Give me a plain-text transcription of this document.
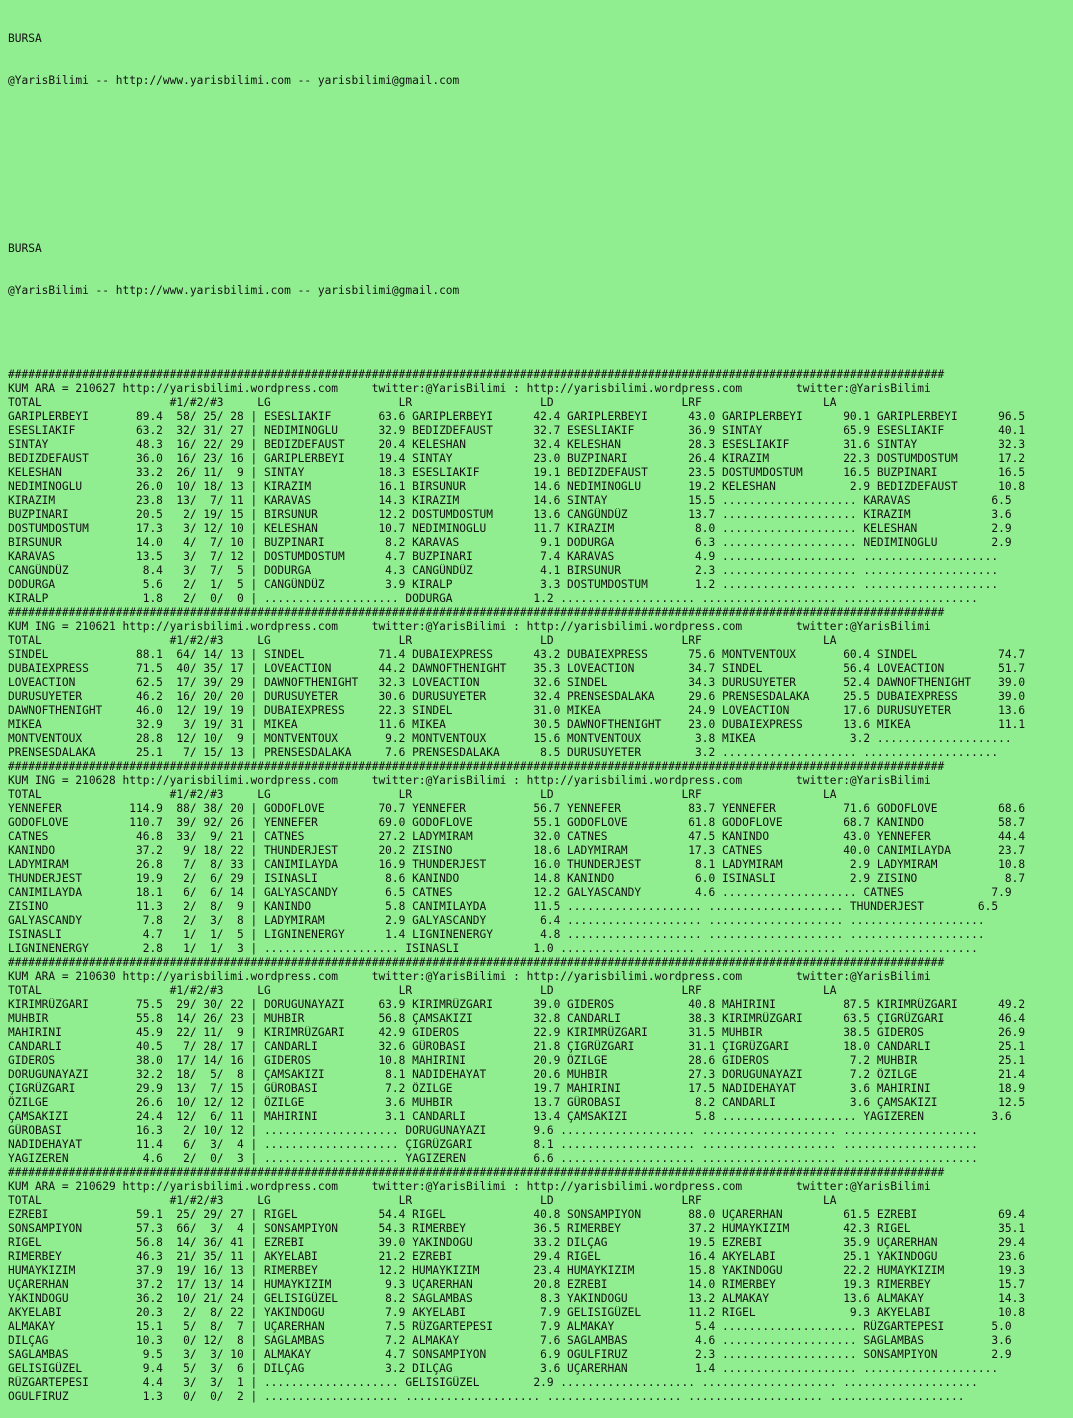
BURSA

@YarisBilimi -- http://www.yarisbilimi.com -- yarisbilimi@gmail.com

BURSA

@YarisBilimi -- http://www.yarisbilimi.com -- yarisbilimi@gmail.com

###########################################################################################################################################
KUM ARA = 210627 http://yarisbilimi.wordpress.com     twitter:@YarisBilimi : http://yarisbilimi.wordpress.com        twitter:@YarisBilimi
TOTAL                   #1/#2/#3     LG                   LR                   LD                   LRF                  LA
GARIPLERBEYI       89.4  58/ 25/ 28 | ESESLIAKIF       63.6 GARIPLERBEYI      42.4 GARIPLERBEYI      43.0 GARIPLERBEYI      90.1 GARIPLERBEYI      96.5
ESESLIAKIF         63.2  32/ 31/ 27 | NEDIMINOGLU      32.9 BEDIZDEFAUST      32.7 ESESLIAKIF        36.9 SINTAY            65.9 ESESLIAKIF        40.1
SINTAY             48.3  16/ 22/ 29 | BEDIZDEFAUST     20.4 KELESHAN          32.4 KELESHAN          28.3 ESESLIAKIF        31.6 SINTAY            32.3
BEDIZDEFAUST       36.0  16/ 23/ 16 | GARIPLERBEYI     19.4 SINTAY            23.0 BUZPINARI         26.4 KIRAZIM           22.3 DOSTUMDOSTUM      17.2
KELESHAN           33.2  26/ 11/  9 | SINTAY           18.3 ESESLIAKIF        19.1 BEDIZDEFAUST      23.5 DOSTUMDOSTUM      16.5 BUZPINARI         16.5
NEDIMINOGLU        26.0  10/ 18/ 13 | KIRAZIM          16.1 BIRSUNUR          14.6 NEDIMINOGLU       19.2 KELESHAN           2.9 BEDIZDEFAUST      10.8
KIRAZIM            23.8  13/  7/ 11 | KARAVAS          14.3 KIRAZIM           14.6 SINTAY            15.5 .................... KARAVAS            6.5
BUZPINARI          20.5   2/ 19/ 15 | BIRSUNUR         12.2 DOSTUMDOSTUM      13.6 CANGÜNDÜZ         13.7 .................... KIRAZIM            3.6
DOSTUMDOSTUM       17.3   3/ 12/ 10 | KELESHAN         10.7 NEDIMINOGLU       11.7 KIRAZIM            8.0 .................... KELESHAN           2.9
BIRSUNUR           14.0   4/  7/ 10 | BUZPINARI         8.2 KARAVAS            9.1 DODURGA            6.3 .................... NEDIMINOGLU        2.9
KARAVAS            13.5   3/  7/ 12 | DOSTUMDOSTUM      4.7 BUZPINARI          7.4 KARAVAS            4.9 .................... ....................
CANGÜNDÜZ           8.4   3/  7/  5 | DODURGA           4.3 CANGÜNDÜZ          4.1 BIRSUNUR           2.3 .................... ....................
DODURGA             5.6   2/  1/  5 | CANGÜNDÜZ         3.9 KIRALP             3.3 DOSTUMDOSTUM       1.2 .................... ....................
KIRALP              1.8   2/  0/  0 | .................... DODURGA            1.2 .................... .................... ....................
###########################################################################################################################################
KUM ING = 210621 http://yarisbilimi.wordpress.com     twitter:@YarisBilimi : http://yarisbilimi.wordpress.com        twitter:@YarisBilimi
TOTAL                   #1/#2/#3     LG                   LR                   LD                   LRF                  LA
SINDEL             88.1  64/ 14/ 13 | SINDEL           71.4 DUBAIEXPRESS      43.2 DUBAIEXPRESS      75.6 MONTVENTOUX       60.4 SINDEL            74.7
DUBAIEXPRESS       71.5  40/ 35/ 17 | LOVEACTION       44.2 DAWNOFTHENIGHT    35.3 LOVEACTION        34.7 SINDEL            56.4 LOVEACTION        51.7
LOVEACTION         62.5  17/ 39/ 29 | DAWNOFTHENIGHT   32.3 LOVEACTION        32.6 SINDEL            34.3 DURUSUYETER       52.4 DAWNOFTHENIGHT    39.0
DURUSUYETER        46.2  16/ 20/ 20 | DURUSUYETER      30.6 DURUSUYETER       32.4 PRENSESDALAKA     29.6 PRENSESDALAKA     25.5 DUBAIEXPRESS      39.0
DAWNOFTHENIGHT     46.0  12/ 19/ 19 | DUBAIEXPRESS     22.3 SINDEL            31.0 MIKEA             24.9 LOVEACTION        17.6 DURUSUYETER       13.6
MIKEA              32.9   3/ 19/ 31 | MIKEA            11.6 MIKEA             30.5 DAWNOFTHENIGHT    23.0 DUBAIEXPRESS      13.6 MIKEA             11.1
MONTVENTOUX        28.8  12/ 10/  9 | MONTVENTOUX       9.2 MONTVENTOUX       15.6 MONTVENTOUX        3.8 MIKEA              3.2 ....................
PRENSESDALAKA      25.1   7/ 15/ 13 | PRENSESDALAKA     7.6 PRENSESDALAKA      8.5 DURUSUYETER        3.2 .................... ....................
###########################################################################################################################################
KUM ING = 210628 http://yarisbilimi.wordpress.com     twitter:@YarisBilimi : http://yarisbilimi.wordpress.com        twitter:@YarisBilimi
TOTAL                   #1/#2/#3     LG                   LR                   LD                   LRF                  LA
YENNEFER          114.9  88/ 38/ 20 | GODOFLOVE        70.7 YENNEFER          56.7 YENNEFER          83.7 YENNEFER          71.6 GODOFLOVE         68.6
GODOFLOVE         110.7  39/ 92/ 26 | YENNEFER         69.0 GODOFLOVE         55.1 GODOFLOVE         61.8 GODOFLOVE         68.7 KANINDO           58.7
CATNES             46.8  33/  9/ 21 | CATNES           27.2 LADYMIRAM         32.0 CATNES            47.5 KANINDO           43.0 YENNEFER          44.4
KANINDO            37.2   9/ 18/ 22 | THUNDERJEST      20.2 ZISINO            18.6 LADYMIRAM         17.3 CATNES            40.0 CANIMILAYDA       23.7
LADYMIRAM          26.8   7/  8/ 33 | CANIMILAYDA      16.9 THUNDERJEST       16.0 THUNDERJEST        8.1 LADYMIRAM          2.9 LADYMIRAM         10.8
THUNDERJEST        19.9   2/  6/ 29 | ISINASLI          8.6 KANINDO           14.8 KANINDO            6.0 ISINASLI           2.9 ZISINO             8.7
CANIMILAYDA        18.1   6/  6/ 14 | GALYASCANDY       6.5 CATNES            12.2 GALYASCANDY        4.6 .................... CATNES             7.9
ZISINO             11.3   2/  8/  9 | KANINDO           5.8 CANIMILAYDA       11.5 .................... .................... THUNDERJEST        6.5
GALYASCANDY         7.8   2/  3/  8 | LADYMIRAM         2.9 GALYASCANDY        6.4 .................... .................... ....................
ISINASLI            4.7   1/  1/  5 | LIGNINENERGY      1.4 LIGNINENERGY       4.8 .................... .................... ....................
LIGNINENERGY        2.8   1/  1/  3 | .................... ISINASLI           1.0 .................... .................... ....................
###########################################################################################################################################
KUM ARA = 210630 http://yarisbilimi.wordpress.com     twitter:@YarisBilimi : http://yarisbilimi.wordpress.com        twitter:@YarisBilimi
TOTAL                   #1/#2/#3     LG                   LR                   LD                   LRF                  LA
KIRIMRÜZGARI       75.5  29/ 30/ 22 | DORUGUNAYAZI     63.9 KIRIMRÜZGARI      39.0 GIDEROS           40.8 MAHIRINI          87.5 KIRIMRÜZGARI      49.2
MUHBIR             55.8  14/ 26/ 23 | MUHBIR           56.8 ÇAMSAKIZI         32.8 CANDARLI          38.3 KIRIMRÜZGARI      63.5 ÇIGRÜZGARI        46.4
MAHIRINI           45.9  22/ 11/  9 | KIRIMRÜZGARI     42.9 GIDEROS           22.9 KIRIMRÜZGARI      31.5 MUHBIR            38.5 GIDEROS           26.9
CANDARLI           40.5   7/ 28/ 17 | CANDARLI         32.6 GÜROBASI          21.8 ÇIGRÜZGARI        31.1 ÇIGRÜZGARI        18.0 CANDARLI          25.1
GIDEROS            38.0  17/ 14/ 16 | GIDEROS          10.8 MAHIRINI          20.9 ÖZILGE            28.6 GIDEROS            7.2 MUHBIR            25.1
DORUGUNAYAZI       32.2  18/  5/  8 | ÇAMSAKIZI         8.1 NADIDEHAYAT       20.6 MUHBIR            27.3 DORUGUNAYAZI       7.2 ÖZILGE            21.4
ÇIGRÜZGARI         29.9  13/  7/ 15 | GÜROBASI          7.2 ÖZILGE            19.7 MAHIRINI          17.5 NADIDEHAYAT        3.6 MAHIRINI          18.9
ÖZILGE             26.6  10/ 12/ 12 | ÖZILGE            3.6 MUHBIR            13.7 GÜROBASI           8.2 CANDARLI           3.6 ÇAMSAKIZI         12.5
ÇAMSAKIZI          24.4  12/  6/ 11 | MAHIRINI          3.1 CANDARLI          13.4 ÇAMSAKIZI          5.8 .................... YAGIZEREN          3.6
GÜROBASI           16.3   2/ 10/ 12 | .................... DORUGUNAYAZI       9.6 .................... .................... ....................
NADIDEHAYAT        11.4   6/  3/  4 | .................... ÇIGRÜZGARI         8.1 .................... .................... ....................
YAGIZEREN           4.6   2/  0/  3 | .................... YAGIZEREN          6.6 .................... .................... ....................
###########################################################################################################################################
KUM ARA = 210629 http://yarisbilimi.wordpress.com     twitter:@YarisBilimi : http://yarisbilimi.wordpress.com        twitter:@YarisBilimi
TOTAL                   #1/#2/#3     LG                   LR                   LD                   LRF                  LA
EZREBI             59.1  25/ 29/ 27 | RIGEL            54.4 RIGEL             40.8 SONSAMPIYON       88.0 UÇARERHAN         61.5 EZREBI            69.4
SONSAMPIYON        57.3  66/  3/  4 | SONSAMPIYON      54.3 RIMERBEY          36.5 RIMERBEY          37.2 HUMAYKIZIM        42.3 RIGEL             35.1
RIGEL              56.8  14/ 36/ 41 | EZREBI           39.0 YAKINDOGU         33.2 DILÇAG            19.5 EZREBI            35.9 UÇARERHAN         29.4
RIMERBEY           46.3  21/ 35/ 11 | AKYELABI         21.2 EZREBI            29.4 RIGEL             16.4 AKYELABI          25.1 YAKINDOGU         23.6
HUMAYKIZIM         37.9  19/ 16/ 13 | RIMERBEY         12.2 HUMAYKIZIM        23.4 HUMAYKIZIM        15.8 YAKINDOGU         22.2 HUMAYKIZIM        19.3
UÇARERHAN          37.2  17/ 13/ 14 | HUMAYKIZIM        9.3 UÇARERHAN         20.8 EZREBI            14.0 RIMERBEY          19.3 RIMERBEY          15.7
YAKINDOGU          36.2  10/ 21/ 24 | GELISIGÜZEL       8.2 SAGLAMBAS          8.3 YAKINDOGU         13.2 ALMAKAY           13.6 ALMAKAY           14.3
AKYELABI           20.3   2/  8/ 22 | YAKINDOGU         7.9 AKYELABI           7.9 GELISIGÜZEL       11.2 RIGEL              9.3 AKYELABI          10.8
ALMAKAY            15.1   5/  8/  7 | UÇARERHAN         7.5 RÜZGARTEPESI       7.9 ALMAKAY            5.4 .................... RÜZGARTEPESI       5.0
DILÇAG             10.3   0/ 12/  8 | SAGLAMBAS         7.2 ALMAKAY            7.6 SAGLAMBAS          4.6 .................... SAGLAMBAS          3.6
SAGLAMBAS           9.5   3/  3/ 10 | ALMAKAY           4.7 SONSAMPIYON        6.9 OGULFIRUZ          2.3 .................... SONSAMPIYON        2.9
GELISIGÜZEL         9.4   5/  3/  6 | DILÇAG            3.2 DILÇAG             3.6 UÇARERHAN          1.4 .................... ....................
RÜZGARTEPESI        4.4   3/  3/  1 | .................... GELISIGÜZEL        2.9 .................... .................... ....................
OGULFIRUZ           1.3   0/  0/  2 | .................... .................... .................... .................... ....................
